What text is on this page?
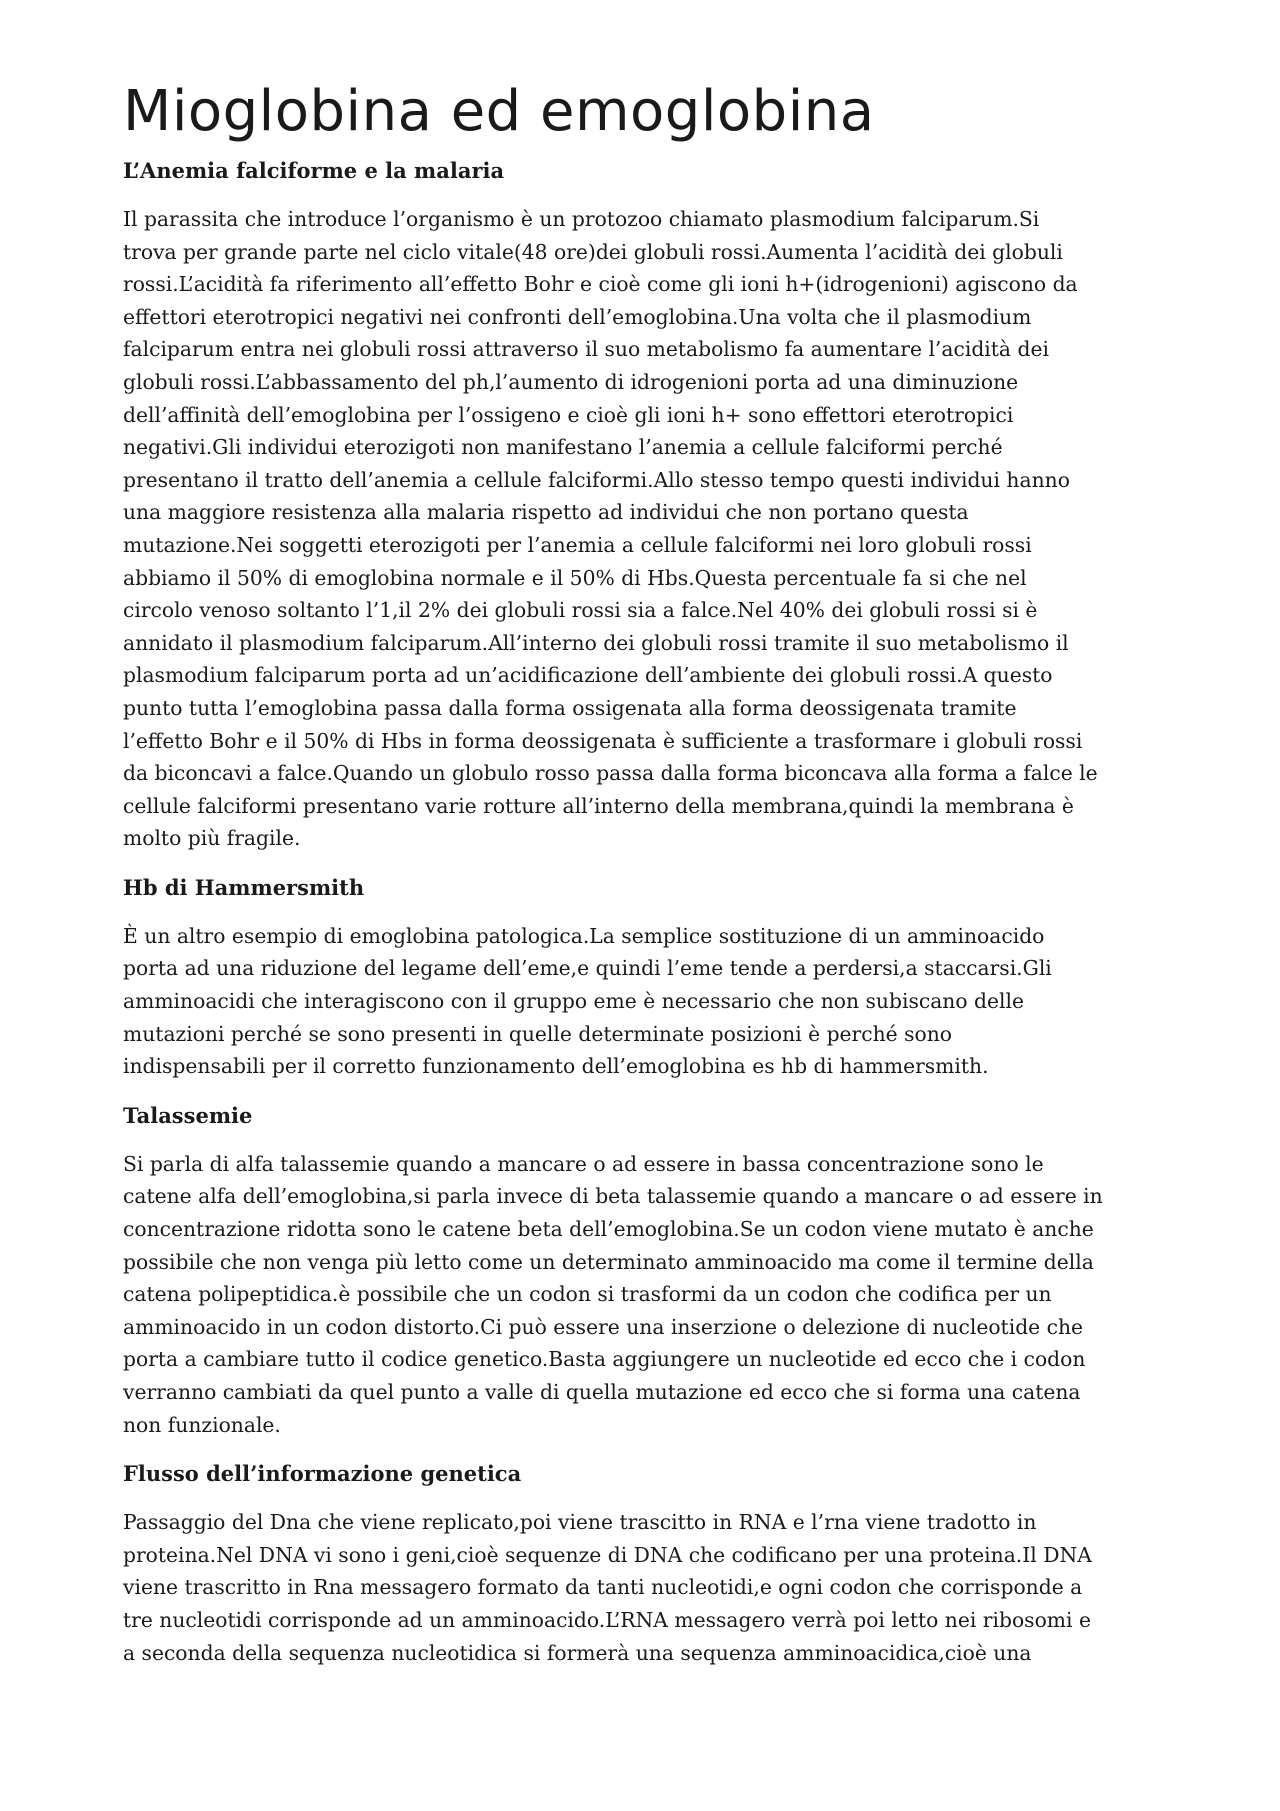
Mioglobina ed emoglobina
L’Anemia falciforme e la malaria

Il parassita che introduce l’organismo è un protozoo chiamato plasmodium falciparum.Si
trova per grande parte nel ciclo vitale(48 ore)dei globuli rossi.Aumenta l’acidità dei globuli
rossi.L’acidità fa riferimento all’effetto Bohr e cioè come gli ioni h+(idrogenioni) agiscono da
effettori eterotropici negativi nei confronti dell’emoglobina.Una volta che il plasmodium
falciparum entra nei globuli rossi attraverso il suo metabolismo fa aumentare l’acidità dei
globuli rossi.L’abbassamento del ph,l’aumento di idrogenioni porta ad una diminuzione
dell’affinità dell’emoglobina per l’ossigeno e cioè gli ioni h+ sono effettori eterotropici
negativi.Gli individui eterozigoti non manifestano l’anemia a cellule falciformi perché
presentano il tratto dell’anemia a cellule falciformi.Allo stesso tempo questi individui hanno
una maggiore resistenza alla malaria rispetto ad individui che non portano questa
mutazione.Nei soggetti eterozigoti per l’anemia a cellule falciformi nei loro globuli rossi
abbiamo il 50% di emoglobina normale e il 50% di Hbs.Questa percentuale fa si che nel
circolo venoso soltanto l’1,il 2% dei globuli rossi sia a falce.Nel 40% dei globuli rossi si è
annidato il plasmodium falciparum.All’interno dei globuli rossi tramite il suo metabolismo il
plasmodium falciparum porta ad un’acidificazione dell’ambiente dei globuli rossi.A questo
punto tutta l’emoglobina passa dalla forma ossigenata alla forma deossigenata tramite
l’effetto Bohr e il 50% di Hbs in forma deossigenata è sufficiente a trasformare i globuli rossi
da biconcavi a falce.Quando un globulo rosso passa dalla forma biconcava alla forma a falce le
cellule falciformi presentano varie rotture all’interno della membrana,quindi la membrana è
molto più fragile.

Hb di Hammersmith

È un altro esempio di emoglobina patologica.La semplice sostituzione di un amminoacido
porta ad una riduzione del legame dell’eme,e quindi l’eme tende a perdersi,a staccarsi.Gli
amminoacidi che interagiscono con il gruppo eme è necessario che non subiscano delle
mutazioni perché se sono presenti in quelle determinate posizioni è perché sono
indispensabili per il corretto funzionamento dell’emoglobina es hb di hammersmith.

Talassemie

Si parla di alfa talassemie quando a mancare o ad essere in bassa concentrazione sono le
catene alfa dell’emoglobina,si parla invece di beta talassemie quando a mancare o ad essere in
concentrazione ridotta sono le catene beta dell’emoglobina.Se un codon viene mutato è anche
possibile che non venga più letto come un determinato amminoacido ma come il termine della
catena polipeptidica.è possibile che un codon si trasformi da un codon che codifica per un
amminoacido in un codon distorto.Ci può essere una inserzione o delezione di nucleotide che
porta a cambiare tutto il codice genetico.Basta aggiungere un nucleotide ed ecco che i codon
verranno cambiati da quel punto a valle di quella mutazione ed ecco che si forma una catena
non funzionale.

Flusso dell’informazione genetica

Passaggio del Dna che viene replicato,poi viene trascitto in RNA e l’rna viene tradotto in
proteina.Nel DNA vi sono i geni,cioè sequenze di DNA che codificano per una proteina.Il DNA
viene trascritto in Rna messagero formato da tanti nucleotidi,e ogni codon che corrisponde a
tre nucleotidi corrisponde ad un amminoacido.L’RNA messagero verrà poi letto nei ribosomi e
a seconda della sequenza nucleotidica si formerà una sequenza amminoacidica,cioè una
